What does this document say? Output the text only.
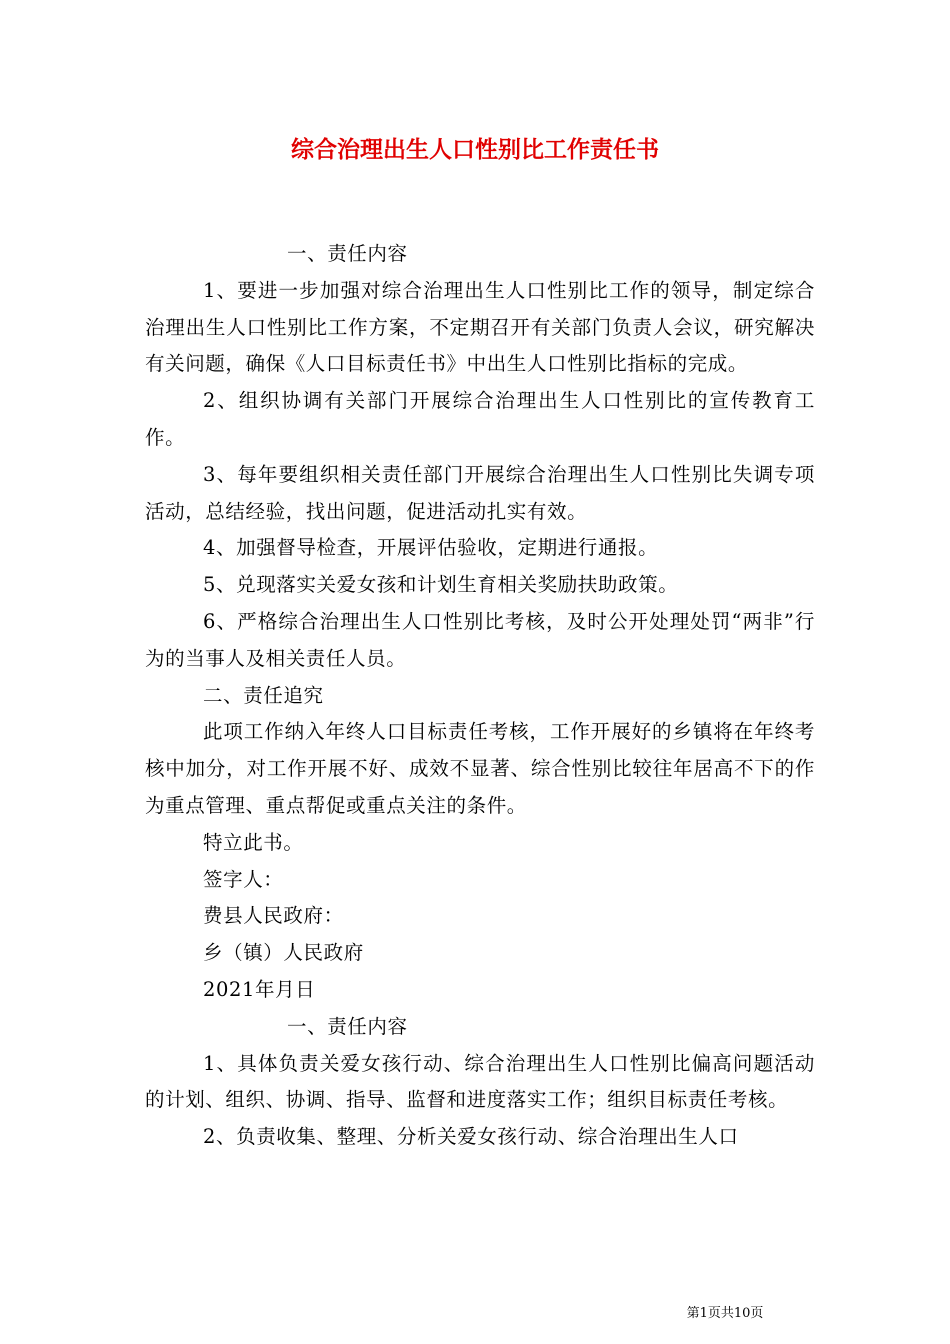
综合治理出生人口性别比工作责任书

一、责任内容

1、要进一步加强对综合治理出生人口性别比工作的领导，制定综合治理出生人口性别比工作方案，不定期召开有关部门负责人会议，研究解决有关问题，确保《人口目标责任书》中出生人口性别比指标的完成。

2、组织协调有关部门开展综合治理出生人口性别比的宣传教育工作。

3、每年要组织相关责任部门开展综合治理出生人口性别比失调专项活动，总结经验，找出问题，促进活动扎实有效。

4、加强督导检查，开展评估验收，定期进行通报。

5、兑现落实关爱女孩和计划生育相关奖励扶助政策。

6、严格综合治理出生人口性别比考核，及时公开处理处罚“两非”行为的当事人及相关责任人员。

二、责任追究

此项工作纳入年终人口目标责任考核，工作开展好的乡镇将在年终考核中加分，对工作开展不好、成效不显著、综合性别比较往年居高不下的作为重点管理、重点帮促或重点关注的条件。

特立此书。

签字人：

费县人民政府：

乡（镇）人民政府

2021年月日

一、责任内容

1、具体负责关爱女孩行动、综合治理出生人口性别比偏高问题活动的计划、组织、协调、指导、监督和进度落实工作；组织目标责任考核。

2、负责收集、整理、分析关爱女孩行动、综合治理出生人口

第1页共10页
